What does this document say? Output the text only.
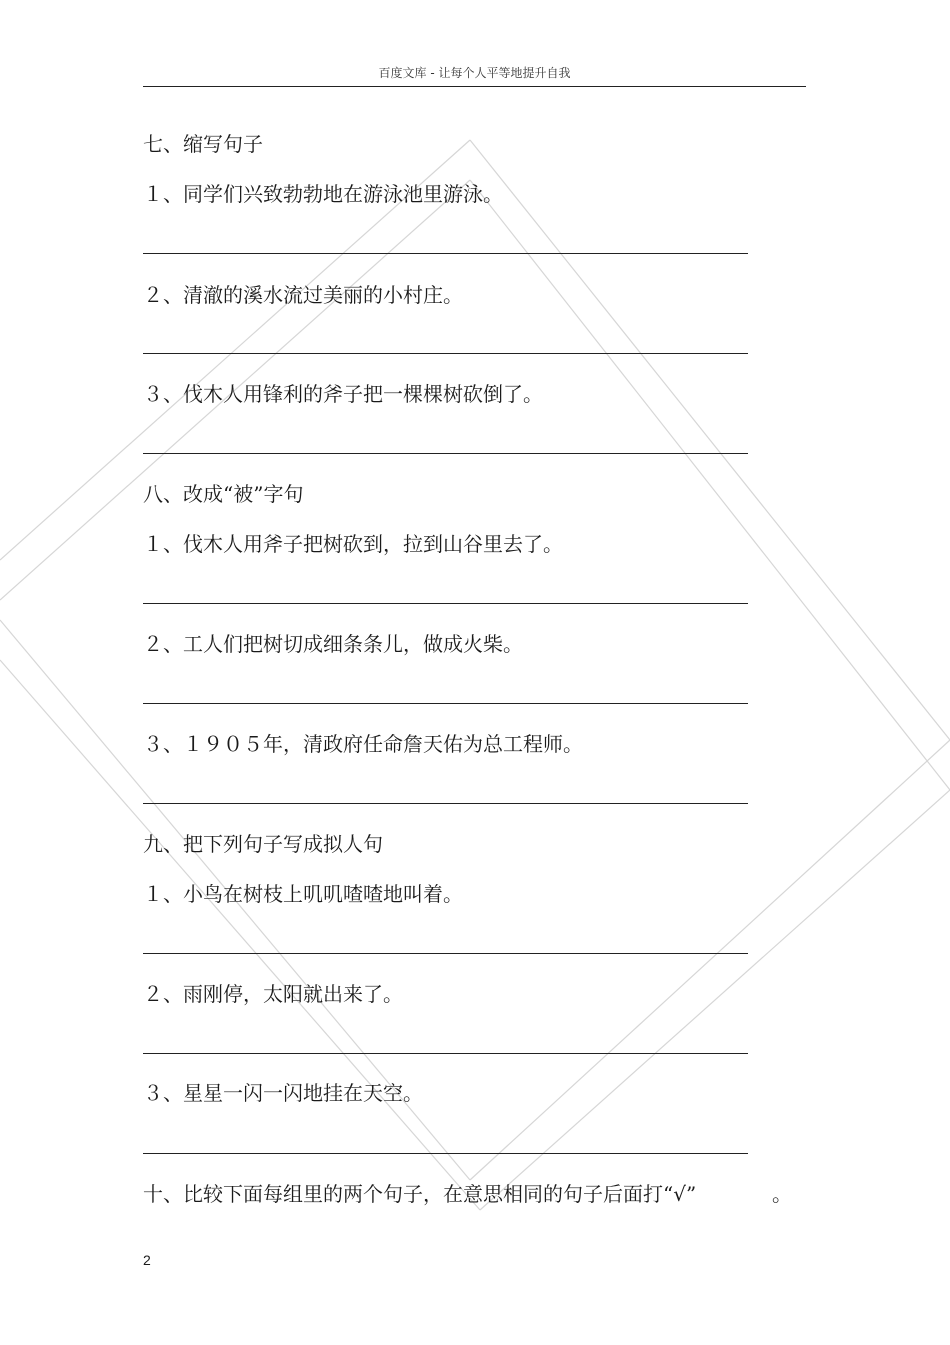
百度文库 - 让每个人平等地提升自我
七、缩写句子
１、同学们兴致勃勃地在游泳池里游泳。
２、清澈的溪水流过美丽的小村庄。
３、伐木人用锋利的斧子把一棵棵树砍倒了。
八、改成“被”字句
１、伐木人用斧子把树砍到，拉到山谷里去了。
２、工人们把树切成细条条儿，做成火柴。
３、１９０５年，清政府任命詹天佑为总工程师。
九、把下列句子写成拟人句
１、小鸟在树枝上叽叽喳喳地叫着。
２、雨刚停，太阳就出来了。
３、星星一闪一闪地挂在天空。
十、比较下面每组里的两个句子，在意思相同的句子后面打“√”	。
2
